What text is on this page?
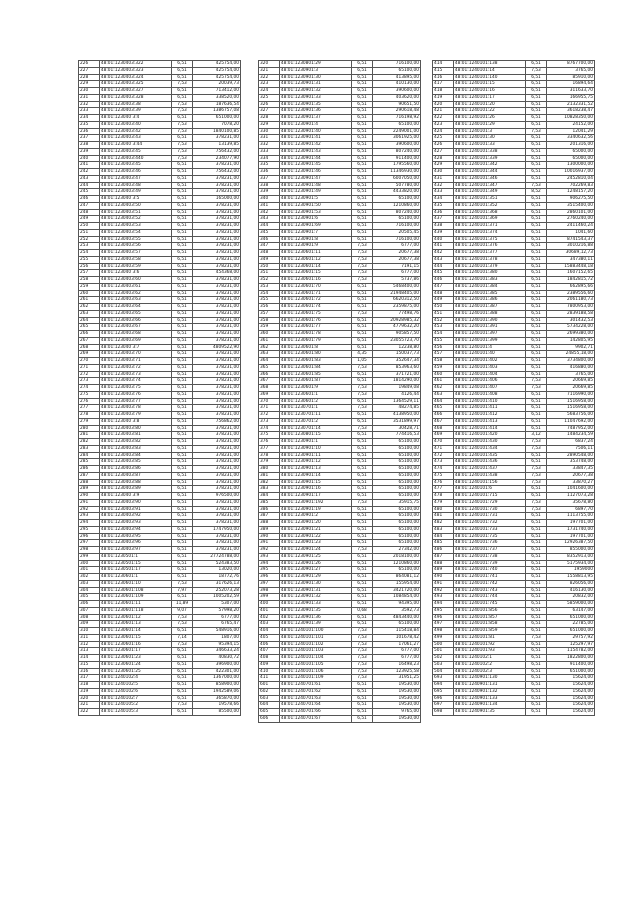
226	48:01:1230403:322	6,51	425754,00
227	48:01:1230403:323	6,51	425754,00
228	48:01:1230403:324	6,51	425754,00
229	48:01:1230403:325	7,53	20039,73
230	48:01:1230403:327	6,51	713412,00
231	48:01:1230403:328	6,51	338520,00
232	48:01:1230403:38	7,53	187636,54
233	48:01:1230403:39	7,53	1386757,08
234	48:01:123040 3:4	6,51	651000,00
235	48:01:1230403:40	7,53	7078,20
236	48:01:1230403:42	7,53	1840100,85
237	48:01:1230403:43	6,51	378231,00
238	48:01:123040 3:44	7,53	13139,85
239	48:01:1230403:45	7,53	756432,00
240	48:01:1230403:440	7,53	234077,90
241	48:01:1230403:45	6,51	378231,00
242	48:01:1230403:46	6,51	756432,00
243	48:01:1230403:47	6,51	378231,00
244	48:01:1230403:48	6,51	378231,00
245	48:01:1230403:49	6,51	378231,00
246	48:01:123040 3:5	6,51	165000,00
247	48:01:1230403:50	6,51	378231,00
248	48:01:1230403:51	6,51	378231,00
249	48:01:1230403:52	6,51	378231,00
250	48:01:1230403:53	6,51	378231,00
251	48:01:1230403:54	6,51	378231,00
252	48:01:1230403:55	6,51	378231,00
253	48:01:1230403:56	6,51	378231,00
254	48:01:1230403:57	6,51	378231,00
255	48:01:1230403:58	6,51	378231,00
256	48:01:1230403:59	6,51	378231,00
257	48:01:123040 3:6	6,51	454368,00
258	48:01:1230403:60	6,51	378231,00
259	48:01:1230403:61	6,51	378231,00
260	48:01:1230403:62	6,51	378231,00
261	48:01:1230403:63	6,51	378231,00
262	48:01:1230403:64	6,51	378231,00
263	48:01:1230403:65	6,51	378231,00
264	48:01:1230403:66	6,51	378231,00
265	48:01:1230403:67	6,51	378231,00
266	48:01:1230403:68	6,51	378231,00
267	48:01:1230403:69	6,51	378231,00
268	48:01:123040 3:7	6,51	4809522,90
269	48:01:1230403:70	6,51	378231,00
270	48:01:1230403:71	6,51	378231,00
271	48:01:1230403:72	6,51	378231,00
272	48:01:1230403:73	6,51	378231,00
273	48:01:1230403:74	6,51	378231,00
274	48:01:1230403:75	6,51	378231,00
275	48:01:1230403:76	6,51	378231,00
276	48:01:1230403:77	6,51	378231,00
277	48:01:1230403:78	6,51	378231,00
278	48:01:1230403:79	6,51	378231,00
279	48:01:123040 3:8	6,51	756862,00
280	48:01:1230403:80	6,51	378231,00
281	48:01:1230403:81	6,51	378231,00
282	48:01:1230403:82	6,51	378231,00
283	48:01:1230403:83	6,51	378231,00
284	48:01:1230403:84	6,51	378231,00
285	48:01:1230403:85	6,51	378231,00
286	48:01:1230403:86	6,51	378231,00
287	48:01:1230403:87	6,51	378231,00
288	48:01:1230403:88	6,51	378231,00
289	48:01:1230403:89	6,51	378231,00
290	48:01:123040 3:9	6,51	976500,00
291	48:01:1230403:90	6,51	378231,00
292	48:01:1230403:91	6,51	378231,00
293	48:01:1230403:92	6,51	378231,00
294	48:01:1230403:93	6,51	378231,00
295	48:01:1230403:94	6,51	1747950,00
296	48:01:1230403:95	6,51	378231,00
297	48:01:1230403:96	6,51	378231,00
298	48:01:1230403:97	6,51	378231,00
299	48:01:1230501:1	6,51	27724788,00
300	48:01:1230501:15	6,51	524383,50
301	48:01:1230501:17	6,51	13020,00
302	48:01:1230601:1	6,51	18772,76
303	48:01:1230601:10	7,53	317626,13
304	48:01:1230601:108	7,97	252073,28
305	48:01:1230601:109	6,51	1005202,59
306	48:01:1230601:11	11,89	5307,00
307	48:01:1230601:118	9,07	57998,20
308	48:01:1230601:12	7,53	6777,00
309	48:01:1230601:13	7,53	6765,47
310	48:01:1230601:14	6,51	548916,00
311	48:01:1230601:15	7,14	1807,00
312	48:01:1230601:16	7,53	95394,15
313	48:01:1230601:17	6,51	346633,24
314	48:01:1230601:23	6,51	40830,72
315	48:01:1230601:24	6,51	396900,00
316	48:01:1230601:25	6,51	422301,00
317	48:01:1240102:4	6,51	1367000,00
318	48:01:1240102:5	6,51	858900,00
319	48:01:1240102:6	6,51	1942589,06
320	48:01:1240102:7	6,51	365870,00
321	48:01:1240105:2	7,53	19578,66
322	48:01:1240105:3	6,51	85500,00
320	48:01:1230801:29	6,51	716100,00
321	48:01:1230901:3	6,51	65100,00
322	48:01:1230901:30	6,51	413895,00
323	48:01:1230901:31	6,51	410130,00
324	48:01:1230901:32	6,51	390600,00
325	48:01:1230901:33	6,51	403620,00
326	48:01:1230901:35	6,51	90651,50
327	48:01:1230901:36	6,51	290618,48
328	48:01:1230901:37	6,51	716198,92
329	48:01:1230901:4	6,51	65100,00
330	48:01:1230901:40	6,51	2249001,00
331	48:01:1230901:41	6,51	3061925,00
332	48:01:1230901:42	6,51	390600,00
333	48:01:1230901:43	6,51	807240,00
334	48:01:1230901:44	6,51	911400,00
335	48:01:1230901:45	6,51	1795560,00
336	48:01:1230901:46	6,51	11346930,00
337	48:01:1230901:47	6,51	6007050,00
338	48:01:1230901:48	6,51	507780,00
339	48:01:1230901:49	6,51	4433820,00
340	48:01:1230901:5	6,51	65100,00
341	48:01:1230901:50	6,51	1210860,00
342	48:01:1230901:53	6,51	807240,00
343	48:01:1230901:6	6,51	65100,00
344	48:01:1230901:69	6,51	716100,00
345	48:01:1230901:7	6,51	20505,45
346	48:01:1230901:8	6,51	716100,00
347	48:01:1230901:9	7,53	6777,00
348	48:01:1230601:11	7,53	20677,38
349	48:01:1230601:12	7,53	20677,38
350	48:01:1230601:14	7,53	7191,15
351	48:01:1230601:15	7,53	6777,00
352	48:01:1230601:16	7,53	5737,86
353	48:01:1230601:70	6,51	5468400,00
354	48:01:1230601:71	6,51	21948405,00
355	48:01:1230601:72	6,51	6620312,50
356	48:01:1230601:74	6,51	2359875,00
357	48:01:1230601:75	7,53	77498,76
358	48:01:1230601:76	6,51	20928985,32
359	48:01:1230601:77	6,51	4779632,20
360	48:01:1230601:78	6,51	905857,50
361	48:01:1230601:79	6,51	23055723,70
362	48:01:1230601:8	6,51	12238,80
363	48:01:1230601:80	4,35	150037,73
364	48:01:1230601:83	1,05	352647,34
365	48:01:1230601:84	7,53	853963,60
366	48:01:1230601:85	6,51	371721,00
367	48:01:1230601:87	6,51	1814290,00
368	48:01:1230601:9	7,53	19849,08
369	48:01:1230601:1	7,53	4126,44
370	48:01:1230601:2	6,51	1364529,11
371	48:01:1230701:1	7,53	48274,85
372	48:01:1230701:11	6,51	4138950,00
373	48:01:1230701:2	6,51	3531899,97
374	48:01:1230701:14	7,53	30428,71
375	48:01:1230801:15	6,51	774416,53
376	48:01:1230901:1	6,51	65100,00
377	48:01:1230901:10	6,51	65100,00
378	48:01:1230901:11	6,51	65100,00
379	48:01:1230901:12	6,51	65100,00
380	48:01:1230901:13	6,51	65100,00
381	48:01:1230901:14	6,51	65100,00
382	48:01:1230901:15	6,51	65100,00
383	48:01:1230901:16	6,51	65100,00
384	48:01:1230901:17	6,51	65100,00
385	48:01:1230901:192	7,53	35915,75
386	48:01:1230901:19	6,51	65100,00
387	48:01:1230901:2	6,51	65100,00
388	48:01:1230901:20	6,51	65100,00
389	48:01:1230901:21	6,51	65100,00
390	48:01:1230901:22	6,51	65100,00
391	48:01:1230901:23	6,51	65100,00
392	48:01:1230901:24	7,53	27342,00
393	48:01:1230901:25	6,51	2018100,00
394	48:01:1230901:26	6,51	1210860,00
395	48:01:1230901:27	6,51	65100,00
396	48:01:1230901:29	6,51	864081,12
397	48:01:1230901:30	6,51	155954,00
398	48:01:1230901:31	6,51	3421720,00
399	48:01:1230901:32	6,51	1084854,00
400	48:01:1230901:33	6,51	94395,00
401	48:01:1230901:35	0,68	3592,73
402	48:01:1230901:36	6,51	4843440,00
403	48:01:1230901:39	6,51	65100,00
404	48:01:1240101:100	7,53	115418,84
405	48:01:1240101:101	7,53	101678,42
406	48:01:1240101:102	7,53	17061,27
407	48:01:1240101:103	7,53	6777,00
408	48:01:1240101:104	7,53	6777,00
409	48:01:1240101:105	7,53	16498,23
410	48:01:1240101:106	7,53	123925,58
411	48:01:1240101:109	7,53	31951,25
601	48:01:1240701:61	6,51	19530,00
602	48:01:1240701:62	6,51	19530,00
603	48:01:1240701:63	6,51	19530,00
604	48:01:1240701:64	6,51	19530,00
605	48:01:1240701:66	6,51	9765,00
606	48:01:1240701:67	6,51	19530,00
414	48:01:1240101:138	6,51	8767700,00
415	48:01:1240101:14	7,53	3765,00
416	48:01:1240101:140	6,51	85910,00
417	48:01:1240101:15	6,51	16894,64
418	48:01:1240101:16	6,51	311633,70
419	48:01:1240101:17	6,51	166955,75
420	48:01:1240101:20	6,51	2132331,52
421	48:01:1240101:22	6,51	3618238,47
422	48:01:1240101:26	6,51	10828350,00
423	48:01:1240101:29	6,51	24152,00
424	48:01:1240101:3	7,53	12041,29
425	48:01:1240101:30	6,51	3340632,56
426	48:01:1240101:33	6,51	201316,00
427	48:01:1240101:338	6,51	65000,00
428	48:01:1240101:339	6,51	65000,00
429	48:01:1240101:342	6,51	1300000,00
430	48:01:1240101:344	6,51	10016937,00
431	48:01:1240101:346	6,51	2452810,04
432	48:01:1240101:347	7,53	702269,83
433	48:01:1240101:349	8,52	1248157,20
434	48:01:1240101:351	6,51	906275,50
435	48:01:1240101:352	6,51	3515400,00
436	48:01:1240101:368	6,51	2860101,00
437	48:01:1240101:369	6,51	2760240,00
438	48:01:1240101:371	6,51	2411460,24
439	48:01:1240101:374	6,51	1041,60
440	48:01:1240101:375	6,51	8741543,37
441	48:01:1240101:376	6,51	3010216,88
442	48:01:1240101:377	6,51	30689,12,73
443	48:01:1240101:378	6,51	347380,11
444	48:01:1240101:379	6,51	15883448,18
445	48:01:1240101:380	6,51	1607152,65
446	48:01:1240101:383	6,51	1842815,72
447	48:01:1240101:384	6,51	662895,66
448	48:01:1240101:385	6,51	2389556,60
449	48:01:1240101:386	6,51	2061180,73
450	48:01:1240101:387	6,51	7800953,00
451	48:01:1240101:388	6,51	2839188,58
452	48:01:1240101:390	6,51	301432,53
453	48:01:1240101:391	6,51	5734228,00
454	48:01:1240101:397	6,51	2699380,00
455	48:01:1240101:399	6,51	142805,95
456	48:01:1240101:4	6,51	9902,71
457	48:01:1240101:40	6,51	24855,18,00
458	48:01:1240101:402	6,51	3734800,00
459	48:01:1240101:403	6,51	416880,00
460	48:01:1240101:404	6,51	3765,00
461	48:01:1240101:406	7,53	20669,85
462	48:01:1240101:407	7,53	20669,85
463	48:01:1240101:408	6,51	7116990,00
464	48:01:1240101:410	6,51	1516958,00
465	48:01:1240101:411	6,51	1516958,00
466	48:01:1240101:412	6,51	5683756,00
467	48:01:1240101:413	6,51	11047692,00
468	48:01:1240101:414	6,51	7487952,00
469	48:01:1240101:420	3,12	1484234,59
470	48:01:1240101:430	7,53	6837,24
471	48:01:1240101:434	7,53	7506,11
472	48:01:1240101:435	6,51	2890548,00
473	48:01:1240101:436	6,51	353748,00
474	48:01:1240101:437	7,53	33847,35
475	48:01:1240101:438	7,53	20677,38
476	48:01:1240101:156	7,53	33870,27
477	48:01:1240101:6	6,51	1041600,00
478	48:01:1240101:715	6,51	1127073,28
479	48:01:1240101:729	7,53	35678,80
480	48:01:1240101:730	7,53	6897,70
481	48:01:1240101:731	6,51	1113755,00
482	48:01:1240101:732	6,51	197701,00
483	48:01:1240101:733	6,51	1731740,00
484	48:01:1240101:735	6,51	197701,00
485	48:01:1240101:736	6,51	12926387,50
486	48:01:1240101:737	6,51	855000,00
487	48:01:1240101:738	6,51	8352913,00
488	48:01:1240101:739	6,51	5175934,00
489	48:01:1240101:740	6,51	1959000
490	48:01:1240101:741	6,51	1558813,95
491	48:01:1240101:742	6,51	826056,00
492	48:01:1240101:743	6,51	416130,00
493	48:01:1240101:744	6,51	20832,00
494	48:01:1240101:745	6,51	5859000,00
495	48:01:1240101:856	6,51	63147,00
496	48:01:1240101:857	6,51	651000,00
497	48:01:1240101:858	6,51	22785,00
498	48:01:1240101:859	6,51	651000,00
499	48:01:1240101:81	7,53	29757,92
500	48:01:1240101:92	6,51	125297,97
501	48:01:1240101:93	6,51	1154782,00
502	48:01:1240102:1	6,51	1822800,00
503	48:01:1240102:2	6,51	911400,00
504	48:01:1240102:3	6,51	651000,00
693	48:01:1240901:130	6,51	15624,00
694	48:01:1240901:131	6,51	15624,00
695	48:01:1240901:132	6,51	15624,00
696	48:01:1240901:133	6,51	15624,00
697	48:01:1240901:134	6,51	15624,00
698	48:01:1240901:35	6,51	15624,00
